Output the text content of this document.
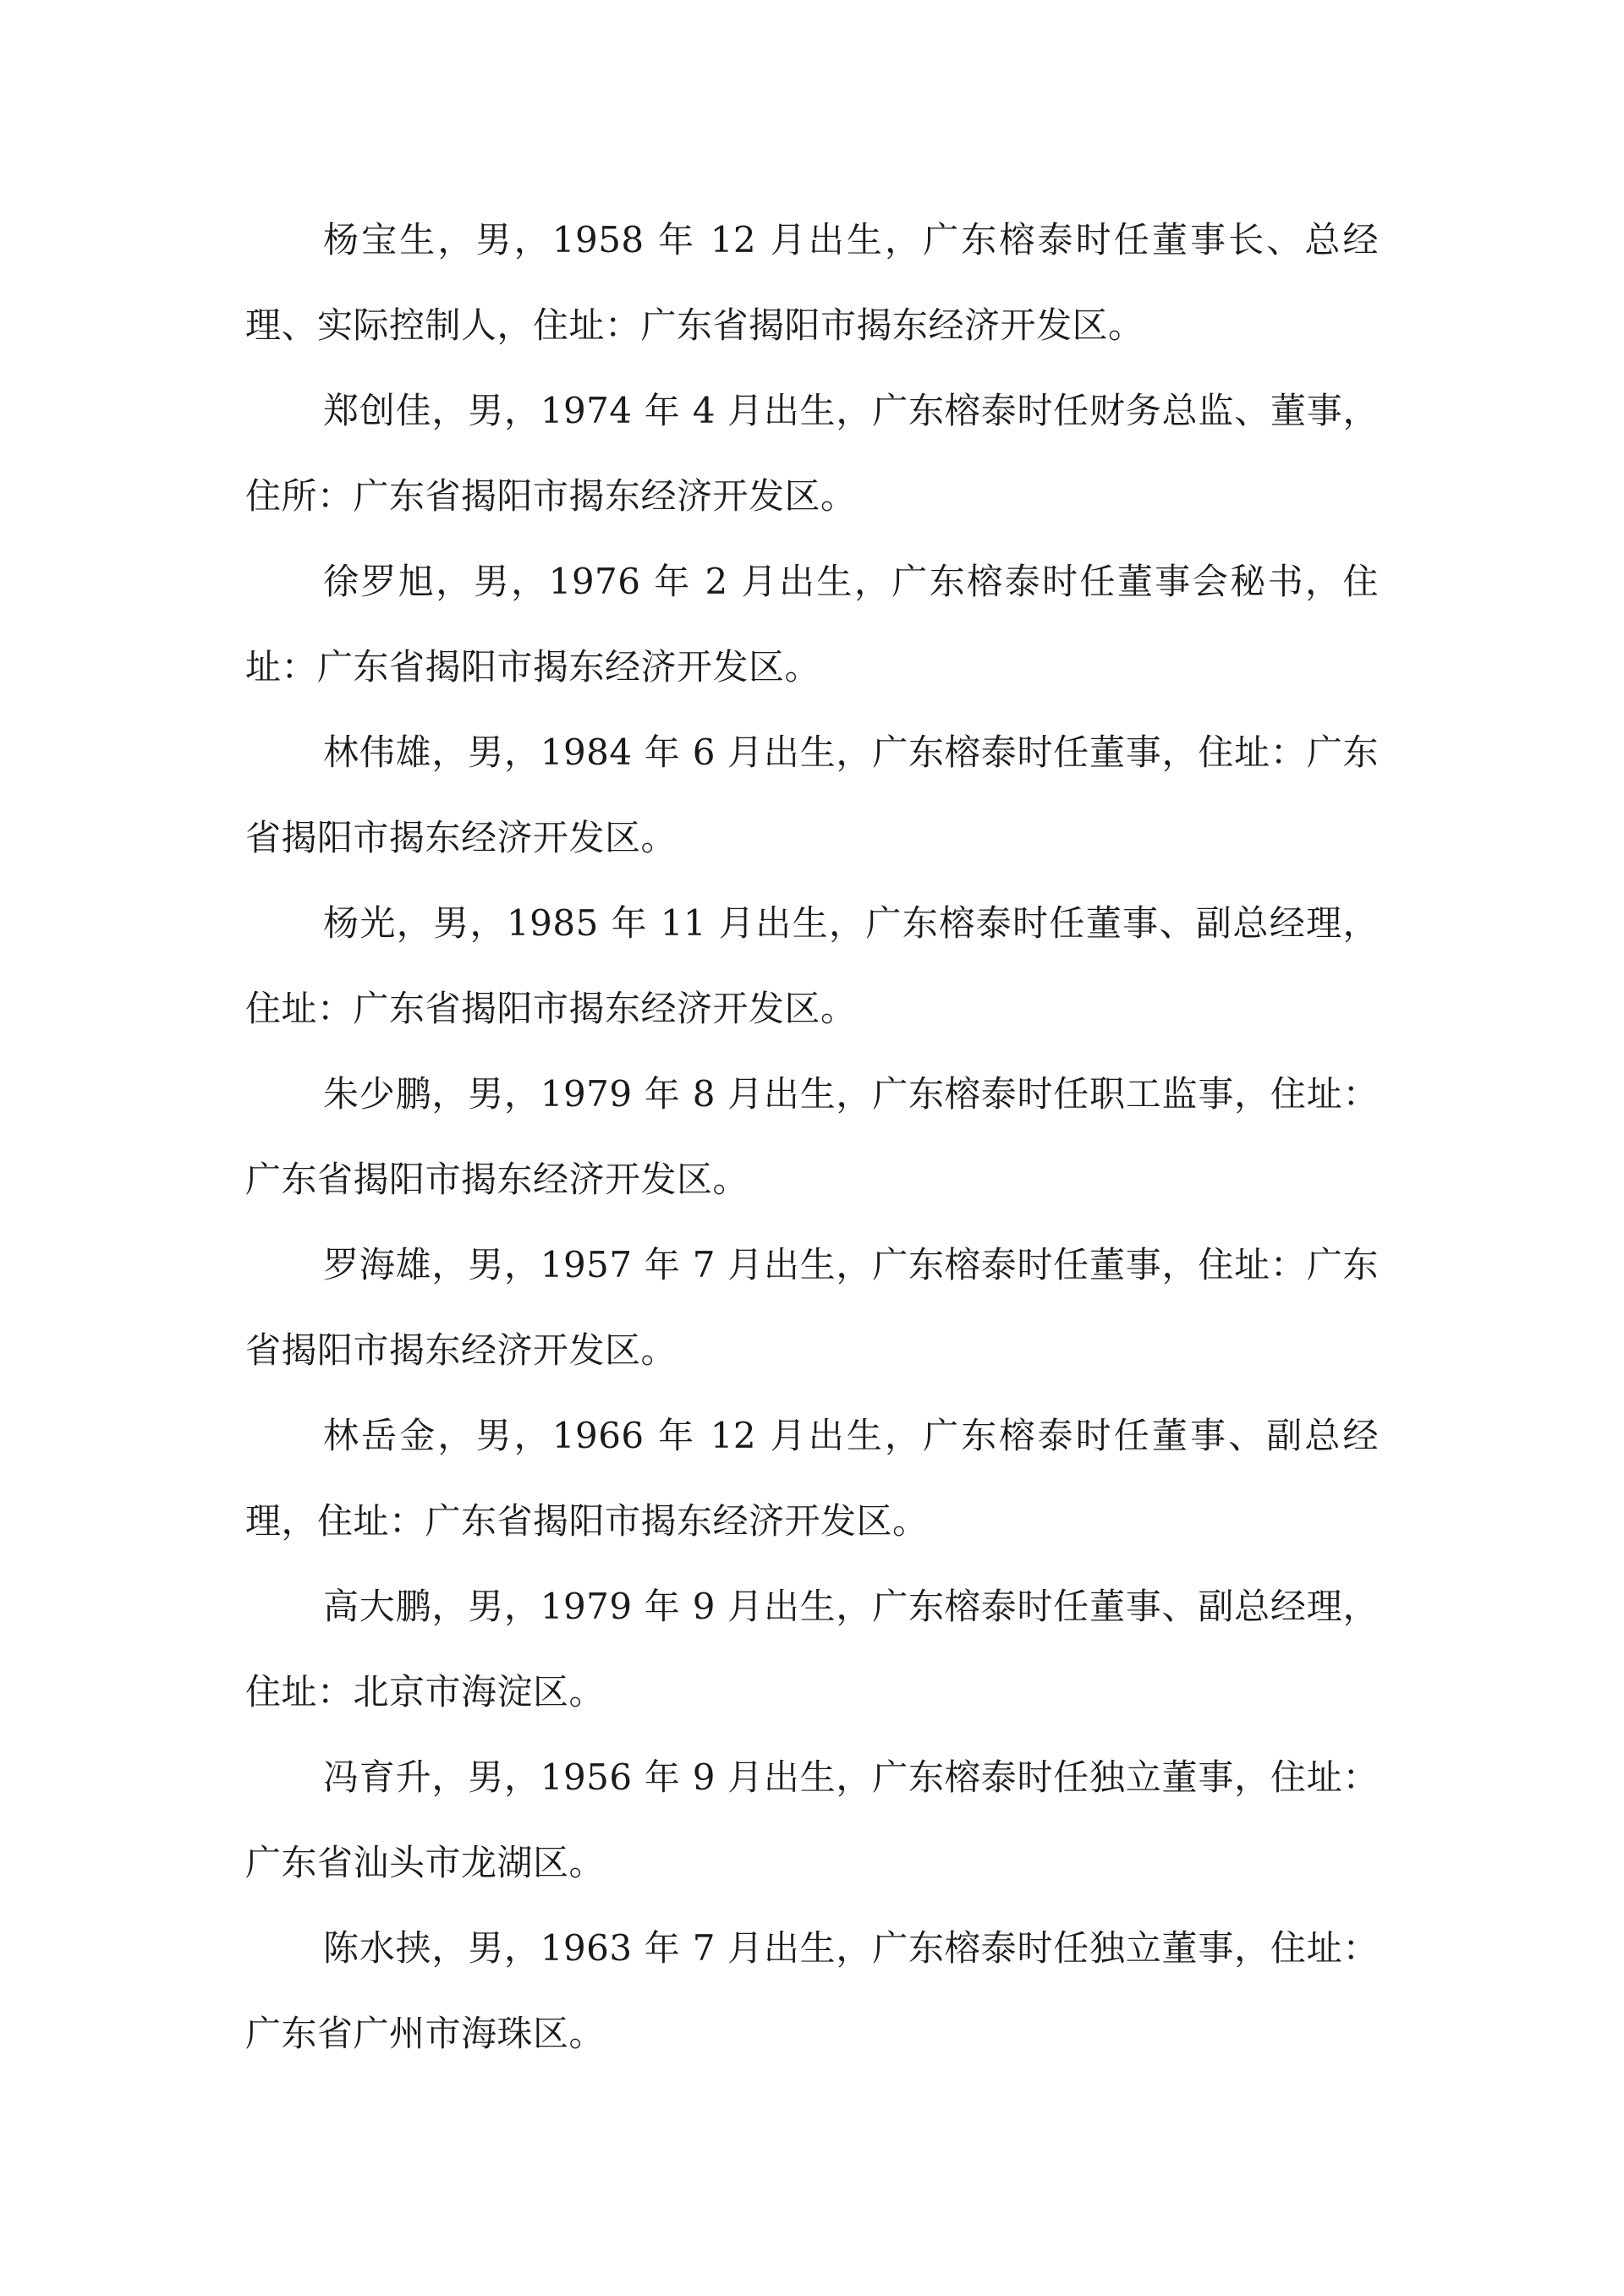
杨宝生，男，1958 年 12 月出生，广东榕泰时任董事长、总经理、实际控制人，住址：广东省揭阳市揭东经济开发区。

郑创佳，男，1974 年 4 月出生，广东榕泰时任财务总监、董事，住所：广东省揭阳市揭东经济开发区。

徐罗旭，男，1976 年 2 月出生，广东榕泰时任董事会秘书，住址：广东省揭阳市揭东经济开发区。

林伟雄，男，1984 年 6 月出生，广东榕泰时任董事，住址：广东省揭阳市揭东经济开发区。

杨光，男，1985 年 11 月出生，广东榕泰时任董事、副总经理，住址：广东省揭阳市揭东经济开发区。

朱少鹏，男，1979 年 8 月出生，广东榕泰时任职工监事，住址：广东省揭阳市揭东经济开发区。

罗海雄，男，1957 年 7 月出生，广东榕泰时任董事，住址：广东省揭阳市揭东经济开发区。

林岳金，男，1966 年 12 月出生，广东榕泰时任董事、副总经理，住址：广东省揭阳市揭东经济开发区。

高大鹏，男，1979 年 9 月出生，广东榕泰时任董事、副总经理，住址：北京市海淀区。

冯育升，男，1956 年 9 月出生，广东榕泰时任独立董事，住址：广东省汕头市龙湖区。

陈水挟，男，1963 年 7 月出生，广东榕泰时任独立董事，住址：广东省广州市海珠区。
